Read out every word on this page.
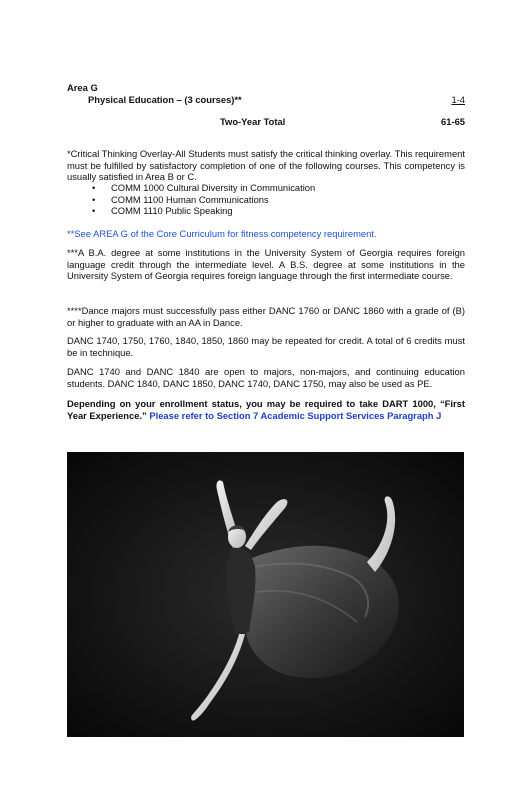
Area G
Physical Education – (3 courses)**	1-4
Two-Year Total	61-65
*Critical Thinking Overlay-All Students must satisfy the critical thinking overlay. This requirement must be fulfilled by satisfactory completion of one of the following courses. This competency is usually satisfied in Area B or C.
• COMM 1000 Cultural Diversity in Communication
• COMM 1100 Human Communications
• COMM 1110 Public Speaking
**See AREA G of the Core Curriculum for fitness competency requirement.
***A B.A. degree at some institutions in the University System of Georgia requires foreign language credit through the intermediate level. A B.S. degree at some institutions in the University System of Georgia requires foreign language through the first intermediate course.
****Dance majors must successfully pass either DANC 1760 or DANC 1860 with a grade of (B) or higher to graduate with an AA in Dance.
DANC 1740, 1750, 1760, 1840, 1850, 1860 may be repeated for credit. A total of 6 credits must be in technique.
DANC 1740 and DANC 1840 are open to majors, non-majors, and continuing education students. DANC 1840, DANC 1850, DANC 1740, DANC 1750, may also be used as PE.
Depending on your enrollment status, you may be required to take DART 1000, “First Year Experience.” Please refer to Section 7 Academic Support Services Paragraph J
